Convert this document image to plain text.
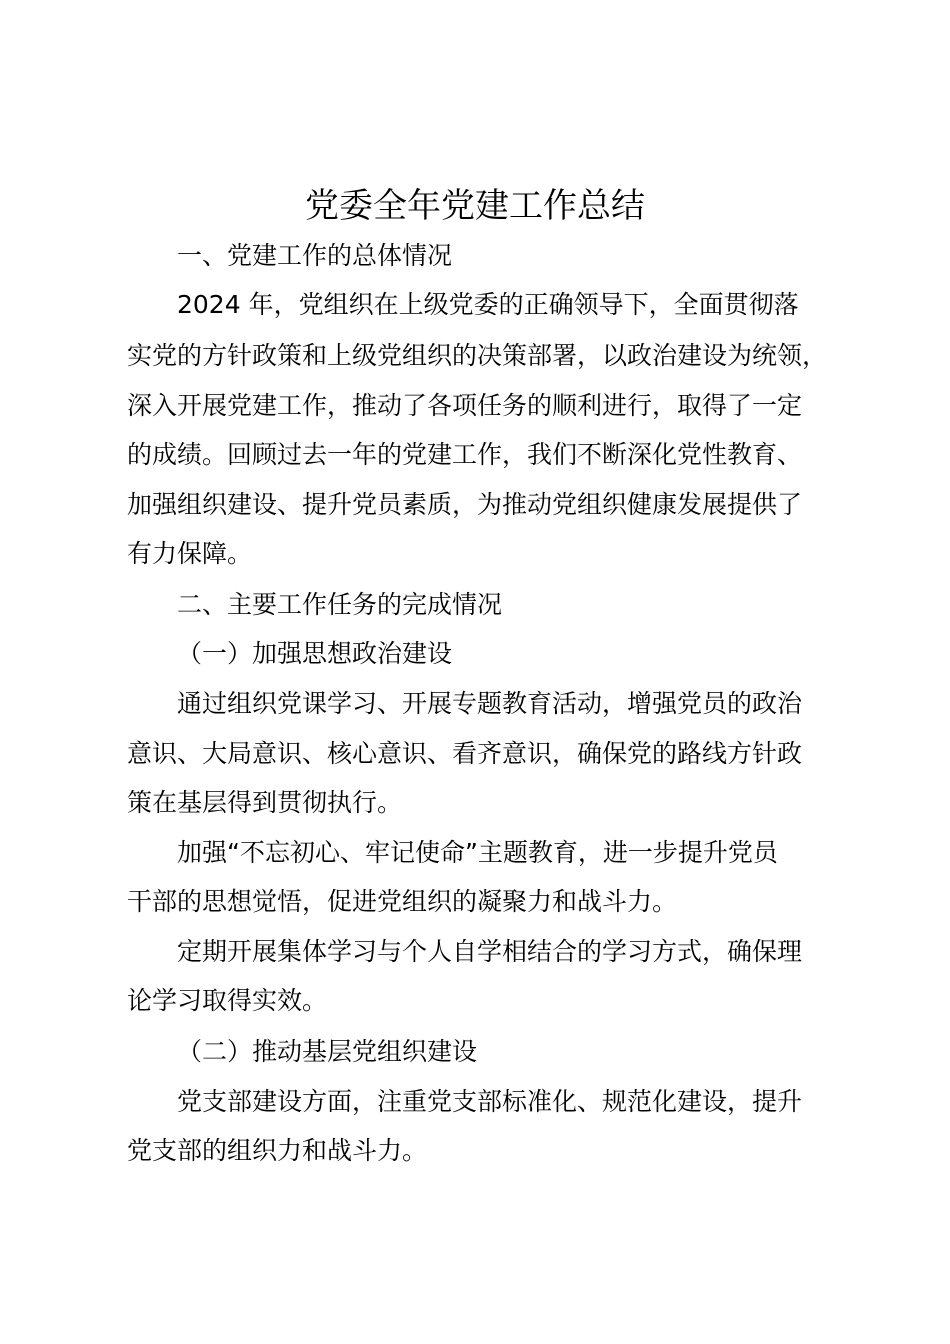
党委全年党建工作总结
一、党建工作的总体情况
2024 年，党组织在上级党委的正确领导下，全面贯彻落
实党的方针政策和上级党组织的决策部署，以政治建设为统领，
深入开展党建工作，推动了各项任务的顺利进行，取得了一定
的成绩。回顾过去一年的党建工作，我们不断深化党性教育、
加强组织建设、提升党员素质，为推动党组织健康发展提供了
有力保障。
二、主要工作任务的完成情况
（一）加强思想政治建设
通过组织党课学习、开展专题教育活动，增强党员的政治
意识、大局意识、核心意识、看齐意识，确保党的路线方针政
策在基层得到贯彻执行。
加强“不忘初心、牢记使命”主题教育，进一步提升党员
干部的思想觉悟，促进党组织的凝聚力和战斗力。
定期开展集体学习与个人自学相结合的学习方式，确保理
论学习取得实效。
（二）推动基层党组织建设
党支部建设方面，注重党支部标准化、规范化建设，提升
党支部的组织力和战斗力。
